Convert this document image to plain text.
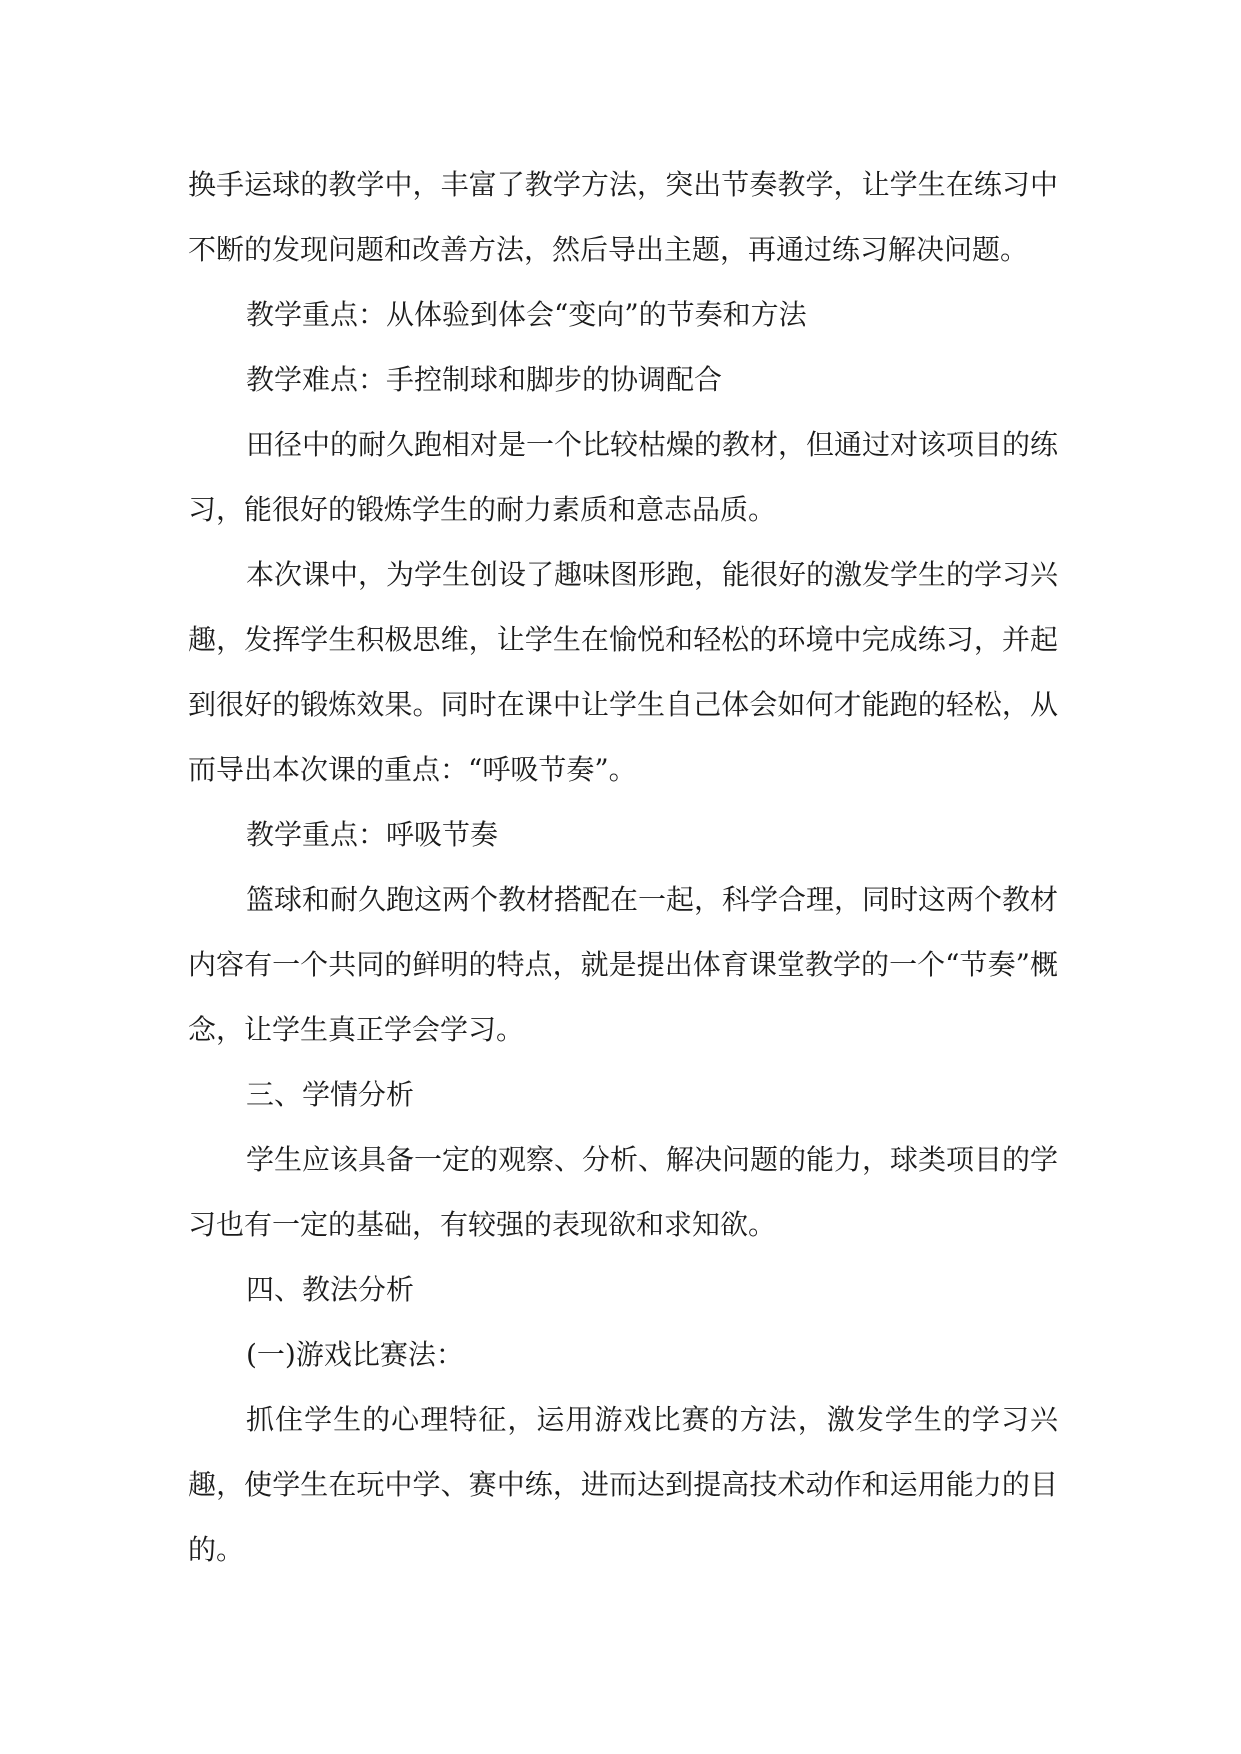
换手运球的教学中，丰富了教学方法，突出节奏教学，让学生在练习中不断的发现问题和改善方法，然后导出主题，再通过练习解决问题。

教学重点：从体验到体会“变向”的节奏和方法

教学难点：手控制球和脚步的协调配合

田径中的耐久跑相对是一个比较枯燥的教材，但通过对该项目的练习，能很好的锻炼学生的耐力素质和意志品质。

本次课中，为学生创设了趣味图形跑，能很好的激发学生的学习兴趣，发挥学生积极思维，让学生在愉悦和轻松的环境中完成练习，并起到很好的锻炼效果。同时在课中让学生自己体会如何才能跑的轻松，从而导出本次课的重点：“呼吸节奏”。

教学重点：呼吸节奏

篮球和耐久跑这两个教材搭配在一起，科学合理，同时这两个教材内容有一个共同的鲜明的特点，就是提出体育课堂教学的一个“节奏”概念，让学生真正学会学习。

三、学情分析

学生应该具备一定的观察、分析、解决问题的能力，球类项目的学习也有一定的基础，有较强的表现欲和求知欲。

四、教法分析

(一)游戏比赛法：

抓住学生的心理特征，运用游戏比赛的方法，激发学生的学习兴趣，使学生在玩中学、赛中练，进而达到提高技术动作和运用能力的目的。
